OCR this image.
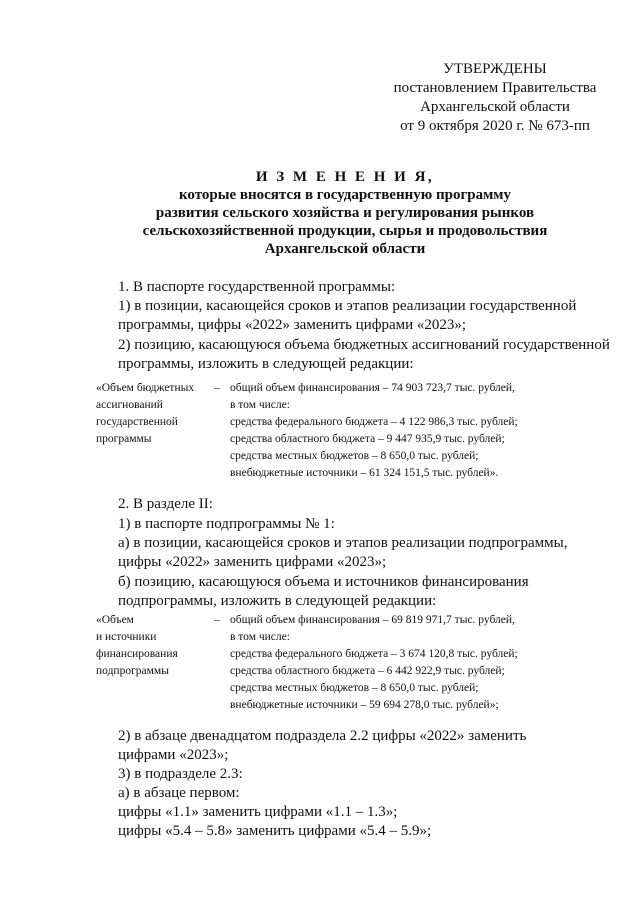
УТВЕРЖДЕНЫ
постановлением Правительства
Архангельской области
от 9 октября 2020 г. № 673-пп
И З М Е Н Е Н И Я,
которые вносятся в государственную программу
развития сельского хозяйства и регулирования рынков
сельскохозяйственной продукции, сырья и продовольствия
Архангельской области
1. В паспорте государственной программы:
1) в позиции, касающейся сроков и этапов реализации государственной
программы, цифры «2022» заменить цифрами «2023»;
2) позицию, касающуюся объема бюджетных ассигнований государственной
программы, изложить в следующей редакции:
«Объем бюджетных
ассигнований
государственной
программы
– общий объем финансирования – 74 903 723,7 тыс. рублей,
в том числе:
средства федерального бюджета – 4 122 986,3 тыс. рублей;
средства областного бюджета – 9 447 935,9 тыс. рублей;
средства местных бюджетов – 8 650,0 тыс. рублей;
внебюджетные источники – 61 324 151,5 тыс. рублей».
2. В разделе II:
1) в паспорте подпрограммы № 1:
а) в позиции, касающейся сроков и этапов реализации подпрограммы,
цифры «2022» заменить цифрами «2023»;
б) позицию, касающуюся объема и источников финансирования
подпрограммы, изложить в следующей редакции:
«Объем
и источники
финансирования
подпрограммы
– общий объем финансирования – 69 819 971,7 тыс. рублей,
в том числе:
средства федерального бюджета – 3 674 120,8 тыс. рублей;
средства областного бюджета – 6 442 922,9 тыс. рублей;
средства местных бюджетов – 8 650,0 тыс. рублей;
внебюджетные источники – 59 694 278,0 тыс. рублей»;
2) в абзаце двенадцатом подраздела 2.2 цифры «2022» заменить
цифрами «2023»;
3) в подразделе 2.3:
а) в абзаце первом:
цифры «1.1» заменить цифрами «1.1 – 1.3»;
цифры «5.4 – 5.8» заменить цифрами «5.4 – 5.9»;
